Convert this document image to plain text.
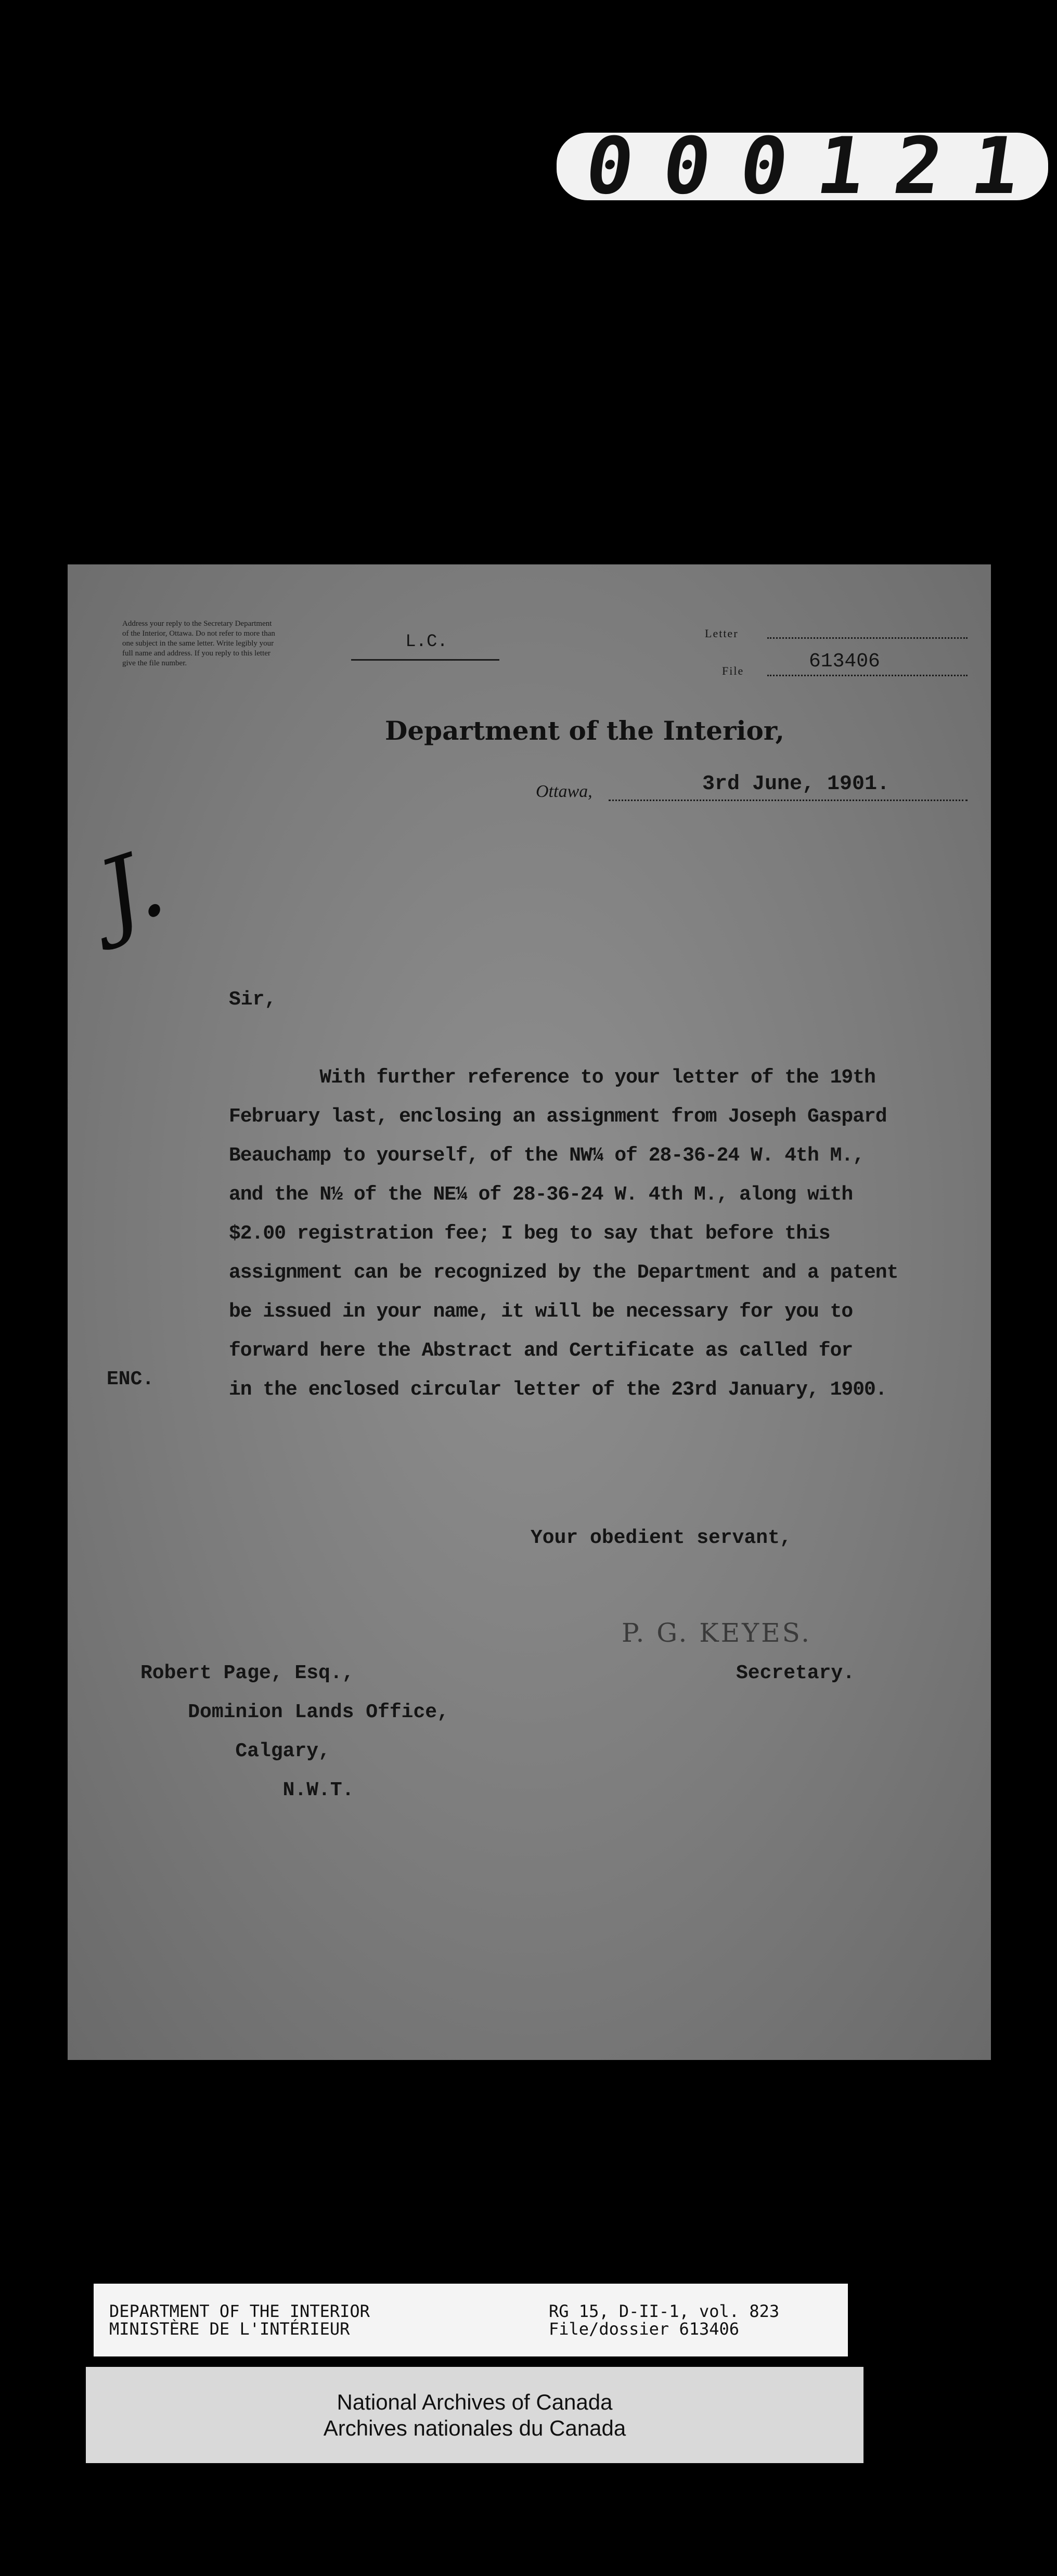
000121
Address your reply to the Secretary Department of the Interior, Ottawa. Do not refer to more than one subject in the same letter. Write legibly your full name and address. If you reply to this letter give the file number.
L.C.	Letter
File	613406
Department of the Interior,
Ottawa,	3rd June, 1901.
J.
Sir,
With further reference to your letter of the 19th
February last, enclosing an assignment from Joseph Gaspard
Beauchamp to yourself, of the NW¼ of 28-36-24 W. 4th M.,
and the N½ of the NE¼ of 28-36-24 W. 4th M., along with
$2.00 registration fee; I beg to say that before this
assignment can be recognized by the Department and a patent
be issued in your name, it will be necessary for you to
forward here the Abstract and Certificate as called for
in the enclosed circular letter of the 23rd January, 1900.
ENC.
Your obedient servant,
P. G. KEYES.
Secretary.
Robert Page, Esq.,
Dominion Lands Office,
Calgary,
N.W.T.
DEPARTMENT OF THE INTERIOR
MINISTÈRE DE L'INTÉRIEUR
RG 15, D-II-1, vol. 823
File/dossier 613406
National Archives of Canada
Archives nationales du Canada
